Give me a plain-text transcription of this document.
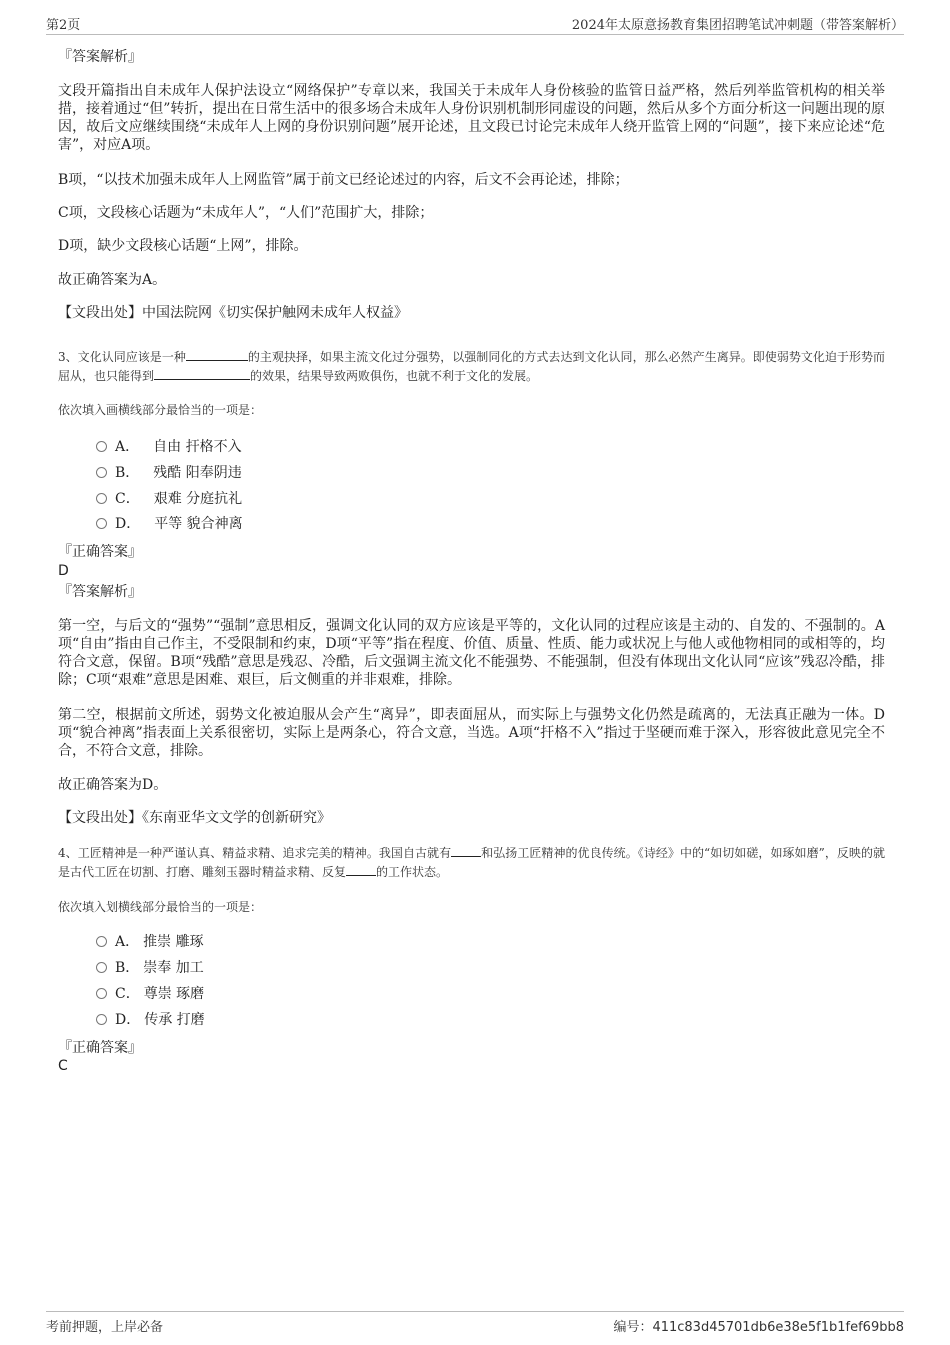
第2页	2024年太原意扬教育集团招聘笔试冲刺题（带答案解析）
『答案解析』
文段开篇指出自未成年人保护法设立“网络保护”专章以来，我国关于未成年人身份核验的监管日益严格，然后列举监管机构的相关举措，接着通过“但”转折，提出在日常生活中的很多场合未成年人身份识别机制形同虚设的问题，然后从多个方面分析这一问题出现的原因，故后文应继续围绕“未成年人上网的身份识别问题”展开论述，且文段已讨论完未成年人绕开监管上网的“问题”，接下来应论述“危害”，对应A项。
B项，“以技术加强未成年人上网监管”属于前文已经论述过的内容，后文不会再论述，排除；
C项，文段核心话题为“未成年人”，“人们”范围扩大，排除；
D项，缺少文段核心话题“上网”，排除。
故正确答案为A。
【文段出处】中国法院网《切实保护触网未成年人权益》
3、文化认同应该是一种	的主观抉择，如果主流文化过分强势，以强制同化的方式去达到文化认同，那么必然产生离异。即使弱势文化迫于形势而屈从，也只能得到	的效果，结果导致两败俱伤，也就不利于文化的发展。
依次填入画横线部分最恰当的一项是：
A． 自由 扞格不入
B． 残酷 阳奉阴违
C． 艰难 分庭抗礼
D． 平等 貌合神离
『正确答案』
D
『答案解析』
第一空，与后文的“强势”“强制”意思相反，强调文化认同的双方应该是平等的，文化认同的过程应该是主动的、自发的、不强制的。A项“自由”指由自己作主，不受限制和约束，D项“平等”指在程度、价值、质量、性质、能力或状况上与他人或他物相同的或相等的，均符合文意，保留。B项“残酷”意思是残忍、冷酷，后文强调主流文化不能强势、不能强制，但没有体现出文化认同“应该”残忍冷酷，排除；C项“艰难”意思是困难、艰巨，后文侧重的并非艰难，排除。
第二空，根据前文所述，弱势文化被迫服从会产生“离异”，即表面屈从，而实际上与强势文化仍然是疏离的，无法真正融为一体。D项“貌合神离”指表面上关系很密切，实际上是两条心，符合文意，当选。A项“扞格不入”指过于坚硬而难于深入，形容彼此意见完全不合，不符合文意，排除。
故正确答案为D。
【文段出处】《东南亚华文文学的创新研究》
4、工匠精神是一种严谨认真、精益求精、追求完美的精神。我国自古就有	和弘扬工匠精神的优良传统。《诗经》中的“如切如磋，如琢如磨”，反映的就是古代工匠在切割、打磨、雕刻玉器时精益求精、反复	的工作状态。
依次填入划横线部分最恰当的一项是：
A． 推崇 雕琢
B． 崇奉 加工
C． 尊崇 琢磨
D． 传承 打磨
『正确答案』
C
考前押题，上岸必备	编号：411c83d45701db6e38e5f1b1fef69bb8
